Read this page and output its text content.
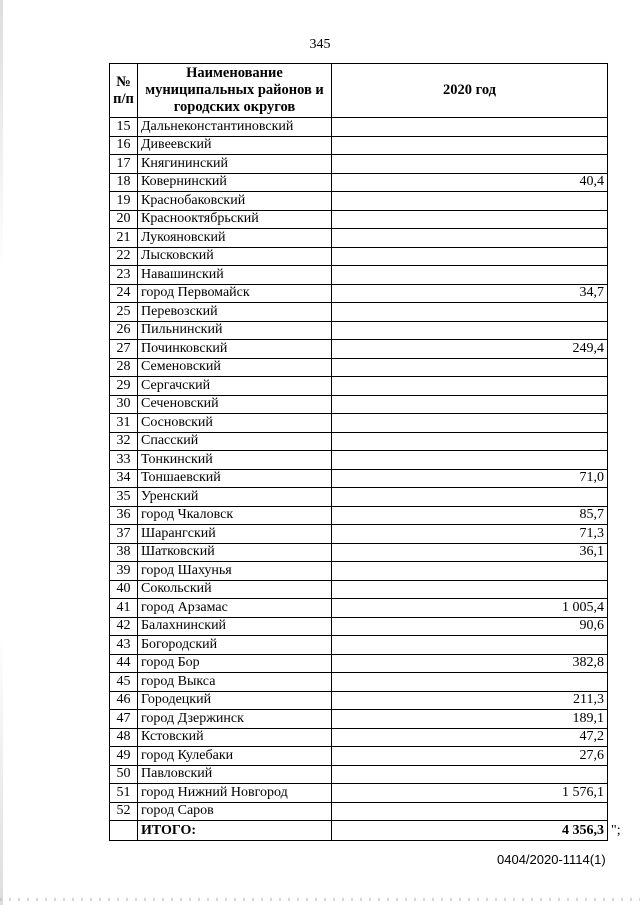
345
№ п/п	Наименование муниципальных районов и городских округов	2020 год
15	Дальнеконстантиновский	
16	Дивеевский	
17	Княгининский	
18	Ковернинский	40,4
19	Краснобаковский	
20	Краснооктябрьский	
21	Лукояновский	
22	Лысковский	
23	Навашинский	
24	город Первомайск	34,7
25	Перевозский	
26	Пильнинский	
27	Починковский	249,4
28	Семеновский	
29	Сергачский	
30	Сеченовский	
31	Сосновский	
32	Спасский	
33	Тонкинский	
34	Тоншаевский	71,0
35	Уренский	
36	город Чкаловск	85,7
37	Шарангский	71,3
38	Шатковский	36,1
39	город Шахунья	
40	Сокольский	
41	город Арзамас	1 005,4
42	Балахнинский	90,6
43	Богородский	
44	город Бор	382,8
45	город Выкса	
46	Городецкий	211,3
47	город Дзержинск	189,1
48	Кстовский	47,2
49	город Кулебаки	27,6
50	Павловский	
51	город Нижний Новгород	1 576,1
52	город Саров	
	ИТОГО:	4 356,3 ";
0404/2020-1114(1)
